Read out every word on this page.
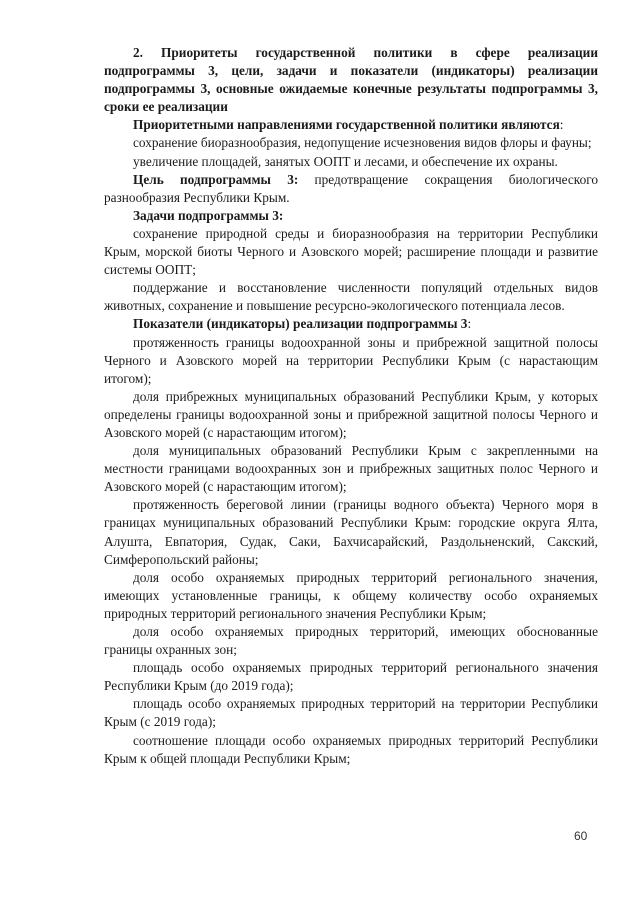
2. Приоритеты государственной политики в сфере реализации подпрограммы 3, цели, задачи и показатели (индикаторы) реализации подпрограммы 3, основные ожидаемые конечные результаты подпрограммы 3, сроки ее реализации

Приоритетными направлениями государственной политики являются:

сохранение биоразнообразия, недопущение исчезновения видов флоры и фауны;

увеличение площадей, занятых ООПТ и лесами, и обеспечение их охраны.

Цель подпрограммы 3: предотвращение сокращения биологического разнообразия Республики Крым.

Задачи подпрограммы 3:

сохранение природной среды и биоразнообразия на территории Республики Крым, морской биоты Черного и Азовского морей; расширение площади и развитие системы ООПТ;

поддержание и восстановление численности популяций отдельных видов животных, сохранение и повышение ресурсно-экологического потенциала лесов.

Показатели (индикаторы) реализации подпрограммы 3:

протяженность границы водоохранной зоны и прибрежной защитной полосы Черного и Азовского морей на территории Республики Крым (с нарастающим итогом);

доля прибрежных муниципальных образований Республики Крым, у которых определены границы водоохранной зоны и прибрежной защитной полосы Черного и Азовского морей (с нарастающим итогом);

доля муниципальных образований Республики Крым с закрепленными на местности границами водоохранных зон и прибрежных защитных полос Черного и Азовского морей (с нарастающим итогом);

протяженность береговой линии (границы водного объекта) Черного моря в границах муниципальных образований Республики Крым: городские округа Ялта, Алушта, Евпатория, Судак, Саки, Бахчисарайский, Раздольненский, Сакский, Симферопольский районы;

доля особо охраняемых природных территорий регионального значения, имеющих установленные границы, к общему количеству особо охраняемых природных территорий регионального значения Республики Крым;

доля особо охраняемых природных территорий, имеющих обоснованные границы охранных зон;

площадь особо охраняемых природных территорий регионального значения Республики Крым (до 2019 года);

площадь особо охраняемых природных территорий на территории Республики Крым (с 2019 года);

соотношение площади особо охраняемых природных территорий Республики Крым к общей площади Республики Крым;

60
